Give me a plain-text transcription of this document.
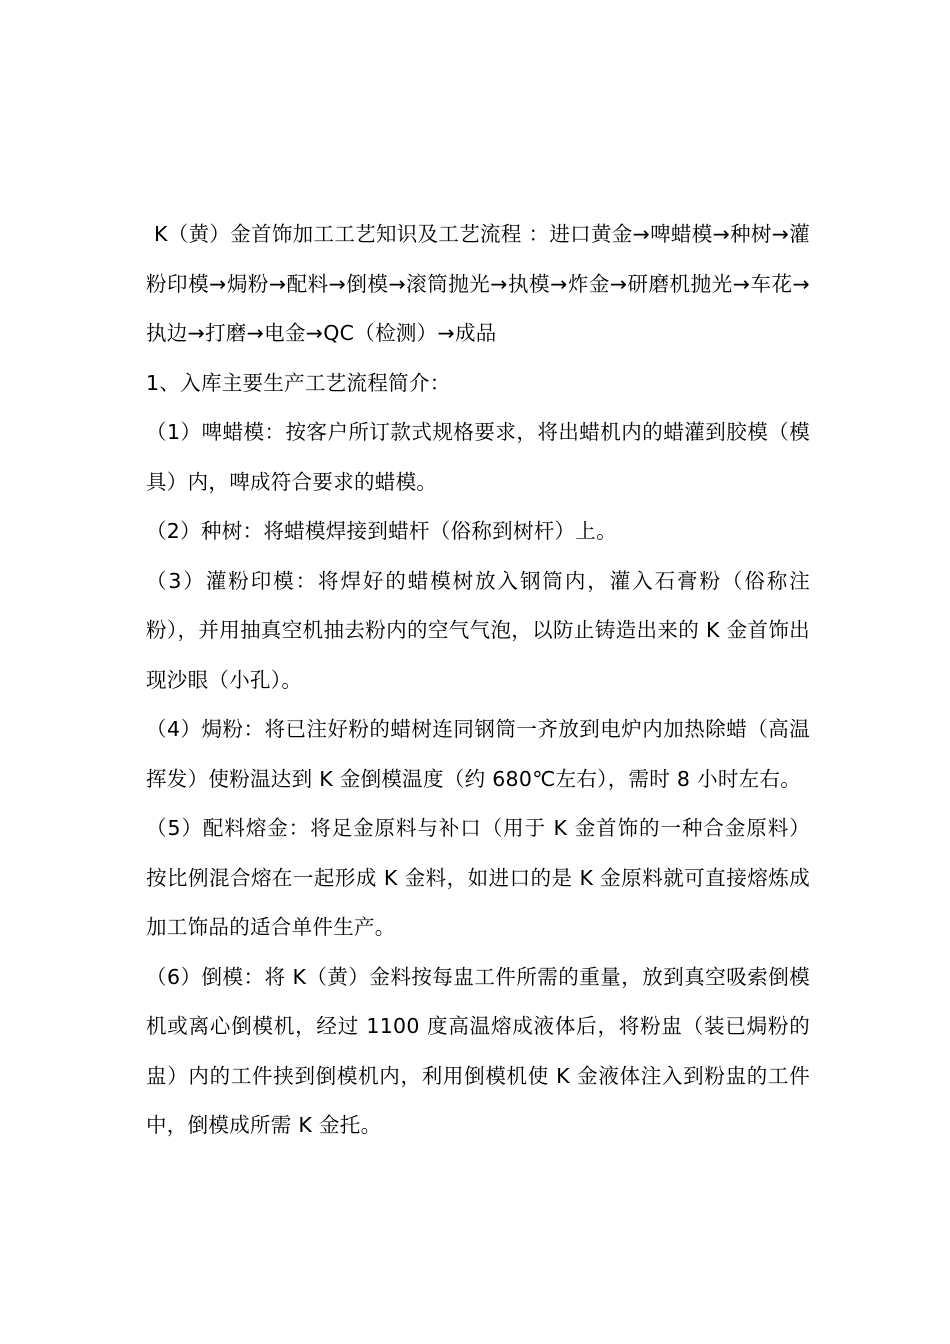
K（黄）金首饰加工工艺知识及工艺流程 ：进口黄金→啤蜡模→种树→灌粉印模→焗粉→配料→倒模→滚筒抛光→执模→炸金→研磨机抛光→车花→执边→打磨→电金→QC（检测）→成品

1、入库主要生产工艺流程简介：

（1）啤蜡模：按客户所订款式规格要求，将出蜡机内的蜡灌到胶模（模具）内，啤成符合要求的蜡模。

（2）种树：将蜡模焊接到蜡杆（俗称到树杆）上。

（3）灌粉印模：将焊好的蜡模树放入钢筒内，灌入石膏粉（俗称注粉），并用抽真空机抽去粉内的空气气泡，以防止铸造出来的 K 金首饰出现沙眼（小孔）。

（4）焗粉：将已注好粉的蜡树连同钢筒一齐放到电炉内加热除蜡（高温挥发）使粉温达到 K 金倒模温度（约 680℃左右），需时 8 小时左右。

（5）配料熔金：将足金原料与补口（用于 K 金首饰的一种合金原料）按比例混合熔在一起形成 K 金料，如进口的是 K 金原料就可直接熔炼成加工饰品的适合单件生产。

（6）倒模：将 K（黄）金料按每盅工件所需的重量，放到真空吸索倒模机或离心倒模机，经过 1100 度高温熔成液体后，将粉盅（装已焗粉的盅）内的工件挟到倒模机内，利用倒模机使 K 金液体注入到粉盅的工件中，倒模成所需 K 金托。
